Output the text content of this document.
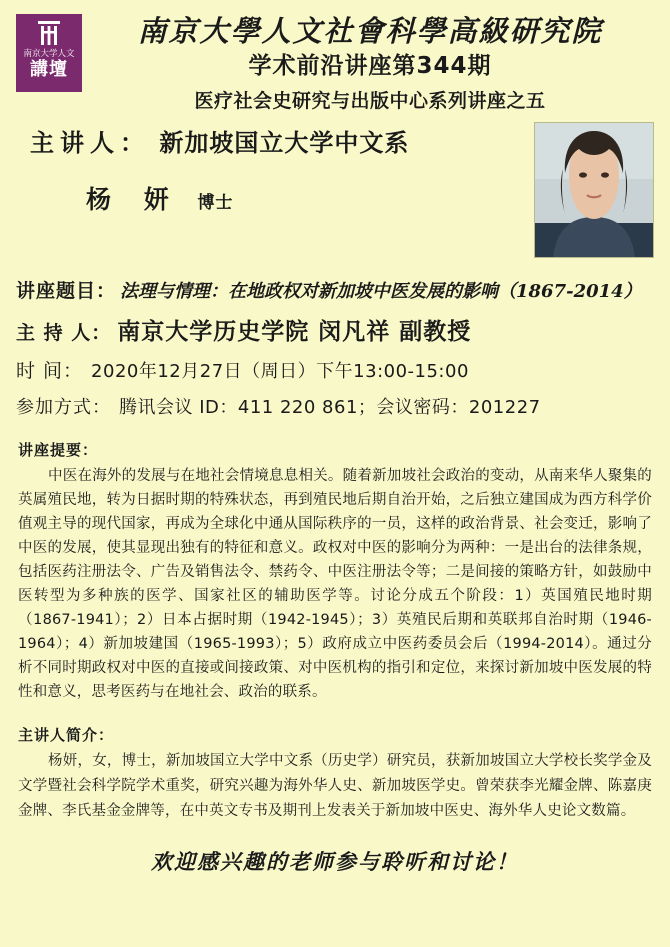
南京大学人文
講壇
南京大學人文社會科學高級研究院
学术前沿讲座第344期
医疗社会史研究与出版中心系列讲座之五
主讲人： 新加坡国立大学中文系
杨 妍 博士
讲座题目： 法理与情理：在地政权对新加坡中医发展的影响（1867-2014）
主 持 人： 南京大学历史学院 闵凡祥 副教授
时 间： 2020年12月27日（周日）下午13:00-15:00
参加方式： 腾讯会议 ID：411 220 861；会议密码：201227
讲座提要：
中医在海外的发展与在地社会情境息息相关。随着新加坡社会政治的变动，从南来华人聚集的英属殖民地，转为日据时期的特殊状态，再到殖民地后期自治开始，之后独立建国成为西方科学价值观主导的现代国家，再成为全球化中通从国际秩序的一员，这样的政治背景、社会变迁，影响了中医的发展，使其显现出独有的特征和意义。政权对中医的影响分为两种：一是出台的法律条规，包括医药注册法令、广告及销售法令、禁药令、中医注册法令等；二是间接的策略方针，如鼓励中医转型为多种族的医学、国家社区的辅助医学等。讨论分成五个阶段：1）英国殖民地时期（1867-1941）；2）日本占据时期（1942-1945）；3）英殖民后期和英联邦自治时期（1946-1964）；4）新加坡建国（1965-1993）；5）政府成立中医药委员会后（1994-2014）。通过分析不同时期政权对中医的直接或间接政策、对中医机构的指引和定位，来探讨新加坡中医发展的特性和意义，思考医药与在地社会、政治的联系。
主讲人简介：
杨妍，女，博士，新加坡国立大学中文系（历史学）研究员，获新加坡国立大学校长奖学金及文学暨社会科学院学术重奖，研究兴趣为海外华人史、新加坡医学史。曾荣获李光耀金牌、陈嘉庚金牌、李氏基金金牌等，在中英文专书及期刊上发表关于新加坡中医史、海外华人史论文数篇。
欢迎感兴趣的老师参与聆听和讨论！
